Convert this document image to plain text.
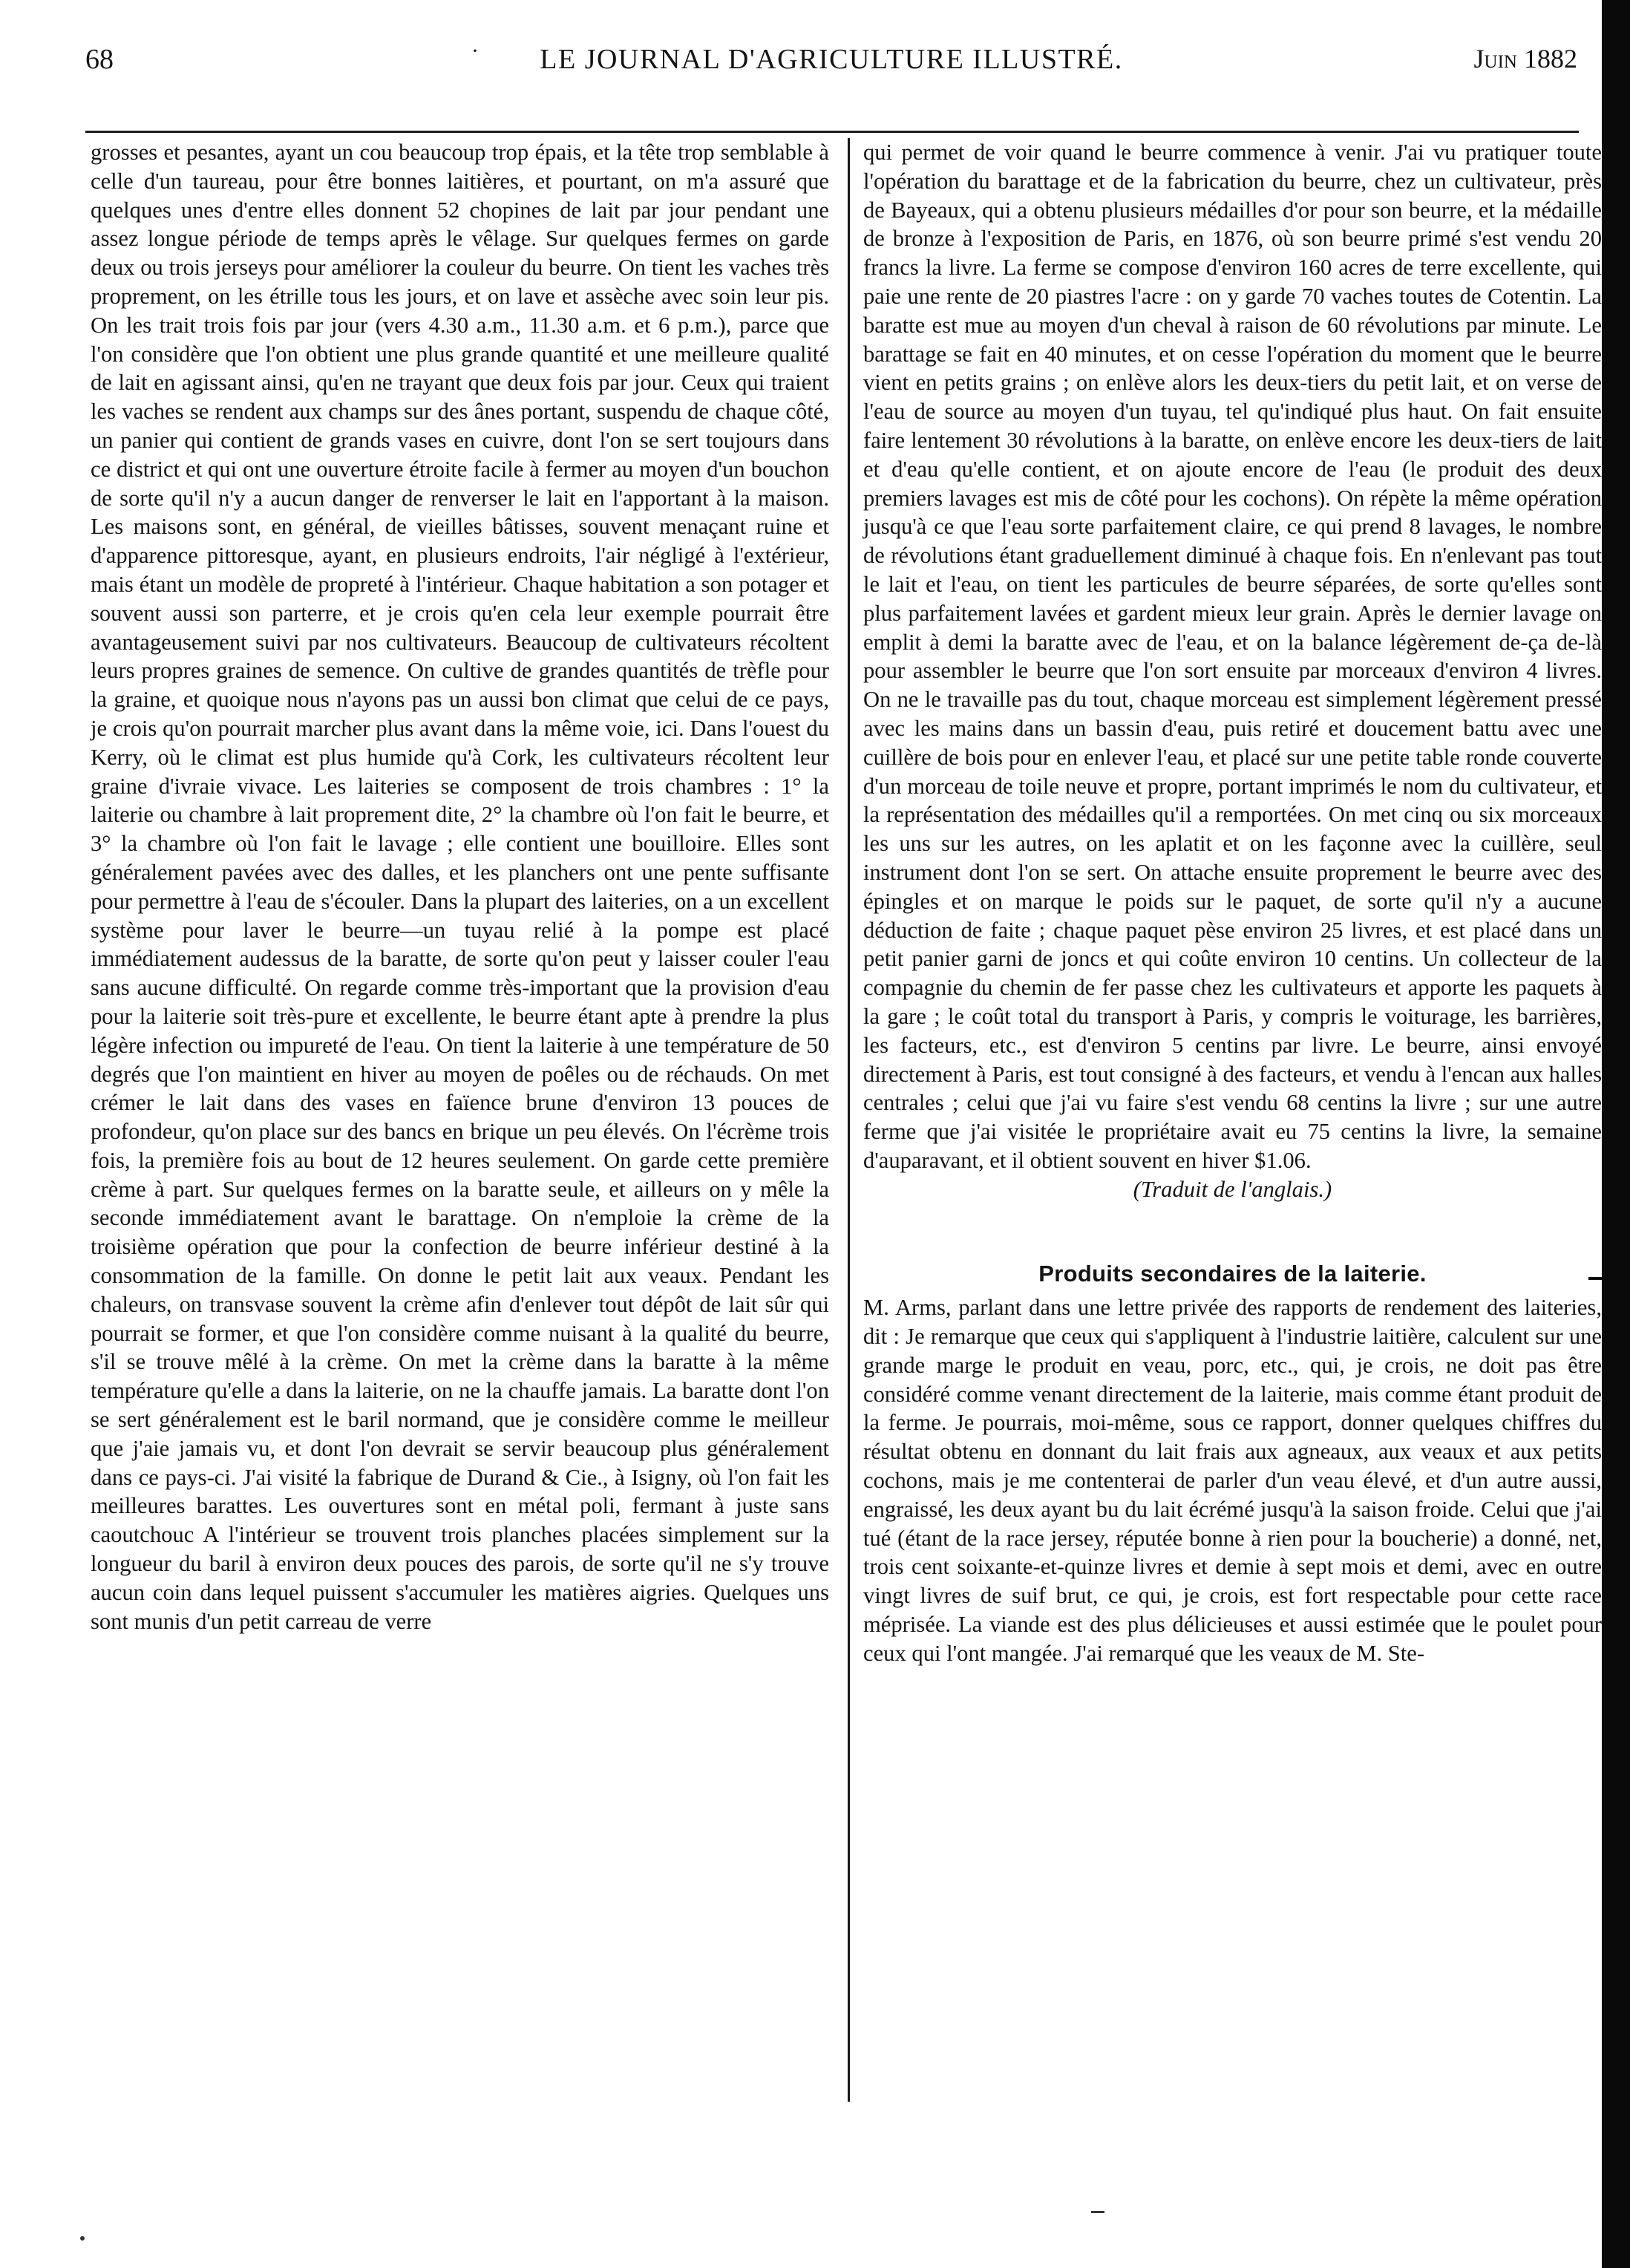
68	·	LE JOURNAL D'AGRICULTURE ILLUSTRÉ.	Juin 1882

grosses et pesantes, ayant un cou beaucoup trop épais, et la tête trop semblable à celle d'un taureau, pour être bonnes laitières, et pourtant, on m'a assuré que quelques unes d'entre elles donnent 52 chopines de lait par jour pendant une assez longue période de temps après le vêlage. Sur quelques fermes on garde deux ou trois jerseys pour améliorer la couleur du beurre. On tient les vaches très proprement, on les étrille tous les jours, et on lave et assèche avec soin leur pis. On les trait trois fois par jour (vers 4.30 a.m., 11.30 a.m. et 6 p.m.), parce que l'on considère que l'on obtient une plus grande quantité et une meilleure qualité de lait en agissant ainsi, qu'en ne trayant que deux fois par jour. Ceux qui traient les vaches se rendent aux champs sur des ânes portant, suspendu de chaque côté, un panier qui contient de grands vases en cuivre, dont l'on se sert toujours dans ce district et qui ont une ouverture étroite facile à fermer au moyen d'un bouchon de sorte qu'il n'y a aucun danger de renverser le lait en l'apportant à la maison. Les maisons sont, en général, de vieilles bâtisses, souvent menaçant ruine et d'apparence pittoresque, ayant, en plusieurs endroits, l'air négligé à l'extérieur, mais étant un modèle de propreté à l'intérieur. Chaque habitation a son potager et souvent aussi son parterre, et je crois qu'en cela leur exemple pourrait être avantageusement suivi par nos cultivateurs. Beaucoup de cultivateurs récoltent leurs propres graines de semence. On cultive de grandes quantités de trèfle pour la graine, et quoique nous n'ayons pas un aussi bon climat que celui de ce pays, je crois qu'on pourrait marcher plus avant dans la même voie, ici. Dans l'ouest du Kerry, où le climat est plus humide qu'à Cork, les cultivateurs récoltent leur graine d'ivraie vivace. Les laiteries se composent de trois chambres : 1° la laiterie ou chambre à lait proprement dite, 2° la chambre où l'on fait le beurre, et 3° la chambre où l'on fait le lavage ; elle contient une bouilloire. Elles sont généralement pavées avec des dalles, et les planchers ont une pente suffisante pour permettre à l'eau de s'écouler. Dans la plupart des laiteries, on a un excellent système pour laver le beurre—un tuyau relié à la pompe est placé immédiatement audessus de la baratte, de sorte qu'on peut y laisser couler l'eau sans aucune difficulté. On regarde comme très-important que la provision d'eau pour la laiterie soit très-pure et excellente, le beurre étant apte à prendre la plus légère infection ou impureté de l'eau. On tient la laiterie à une température de 50 degrés que l'on maintient en hiver au moyen de poêles ou de réchauds. On met crémer le lait dans des vases en faïence brune d'environ 13 pouces de profondeur, qu'on place sur des bancs en brique un peu élevés. On l'écrème trois fois, la première fois au bout de 12 heures seulement. On garde cette première crème à part. Sur quelques fermes on la baratte seule, et ailleurs on y mêle la seconde immédiatement avant le barattage. On n'emploie la crème de la troisième opération que pour la confection de beurre inférieur destiné à la consommation de la famille. On donne le petit lait aux veaux. Pendant les chaleurs, on transvase souvent la crème afin d'enlever tout dépôt de lait sûr qui pourrait se former, et que l'on considère comme nuisant à la qualité du beurre, s'il se trouve mêlé à la crème. On met la crème dans la baratte à la même température qu'elle a dans la laiterie, on ne la chauffe jamais. La baratte dont l'on se sert généralement est le baril normand, que je considère comme le meilleur que j'aie jamais vu, et dont l'on devrait se servir beaucoup plus généralement dans ce pays-ci. J'ai visité la fabrique de Durand & Cie., à Isigny, où l'on fait les meilleures barattes. Les ouvertures sont en métal poli, fermant à juste sans caoutchouc A l'intérieur se trouvent trois planches placées simplement sur la longueur du baril à environ deux pouces des parois, de sorte qu'il ne s'y trouve aucun coin dans lequel puissent s'accumuler les matières aigries. Quelques uns sont munis d'un petit carreau de verre

qui permet de voir quand le beurre commence à venir. J'ai vu pratiquer toute l'opération du barattage et de la fabrication du beurre, chez un cultivateur, près de Bayeaux, qui a obtenu plusieurs médailles d'or pour son beurre, et la médaille de bronze à l'exposition de Paris, en 1876, où son beurre primé s'est vendu 20 francs la livre. La ferme se compose d'environ 160 acres de terre excellente, qui paie une rente de 20 piastres l'acre : on y garde 70 vaches toutes de Cotentin. La baratte est mue au moyen d'un cheval à raison de 60 révolutions par minute. Le barattage se fait en 40 minutes, et on cesse l'opération du moment que le beurre vient en petits grains ; on enlève alors les deux-tiers du petit lait, et on verse de l'eau de source au moyen d'un tuyau, tel qu'indiqué plus haut. On fait ensuite faire lentement 30 révolutions à la baratte, on enlève encore les deux-tiers de lait et d'eau qu'elle contient, et on ajoute encore de l'eau (le produit des deux premiers lavages est mis de côté pour les cochons). On répète la même opération jusqu'à ce que l'eau sorte parfaitement claire, ce qui prend 8 lavages, le nombre de révolutions étant graduellement diminué à chaque fois. En n'enlevant pas tout le lait et l'eau, on tient les particules de beurre séparées, de sorte qu'elles sont plus parfaitement lavées et gardent mieux leur grain. Après le dernier lavage on emplit à demi la baratte avec de l'eau, et on la balance légèrement de-ça de-là pour assembler le beurre que l'on sort ensuite par morceaux d'environ 4 livres. On ne le travaille pas du tout, chaque morceau est simplement légèrement pressé avec les mains dans un bassin d'eau, puis retiré et doucement battu avec une cuillère de bois pour en enlever l'eau, et placé sur une petite table ronde couverte d'un morceau de toile neuve et propre, portant imprimés le nom du cultivateur, et la représentation des médailles qu'il a remportées. On met cinq ou six morceaux les uns sur les autres, on les aplatit et on les façonne avec la cuillère, seul instrument dont l'on se sert. On attache ensuite proprement le beurre avec des épingles et on marque le poids sur le paquet, de sorte qu'il n'y a aucune déduction de faite ; chaque paquet pèse environ 25 livres, et est placé dans un petit panier garni de joncs et qui coûte environ 10 centins. Un collecteur de la compagnie du chemin de fer passe chez les cultivateurs et apporte les paquets à la gare ; le coût total du transport à Paris, y compris le voiturage, les barrières, les facteurs, etc., est d'environ 5 centins par livre. Le beurre, ainsi envoyé directement à Paris, est tout consigné à des facteurs, et vendu à l'encan aux halles centrales ; celui que j'ai vu faire s'est vendu 68 centins la livre ; sur une autre ferme que j'ai visitée le propriétaire avait eu 75 centins la livre, la semaine d'auparavant, et il obtient souvent en hiver $1.06.

(Traduit de l'anglais.)

Produits secondaires de la laiterie.

M. Arms, parlant dans une lettre privée des rapports de rendement des laiteries, dit : Je remarque que ceux qui s'appliquent à l'industrie laitière, calculent sur une grande marge le produit en veau, porc, etc., qui, je crois, ne doit pas être considéré comme venant directement de la laiterie, mais comme étant produit de la ferme. Je pourrais, moi-même, sous ce rapport, donner quelques chiffres du résultat obtenu en donnant du lait frais aux agneaux, aux veaux et aux petits cochons, mais je me contenterai de parler d'un veau élevé, et d'un autre aussi, engraissé, les deux ayant bu du lait écrémé jusqu'à la saison froide. Celui que j'ai tué (étant de la race jersey, réputée bonne à rien pour la boucherie) a donné, net, trois cent soixante-et-quinze livres et demie à sept mois et demi, avec en outre vingt livres de suif brut, ce qui, je crois, est fort respectable pour cette race méprisée. La viande est des plus délicieuses et aussi estimée que le poulet pour ceux qui l'ont mangée. J'ai remarqué que les veaux de M. Ste-
